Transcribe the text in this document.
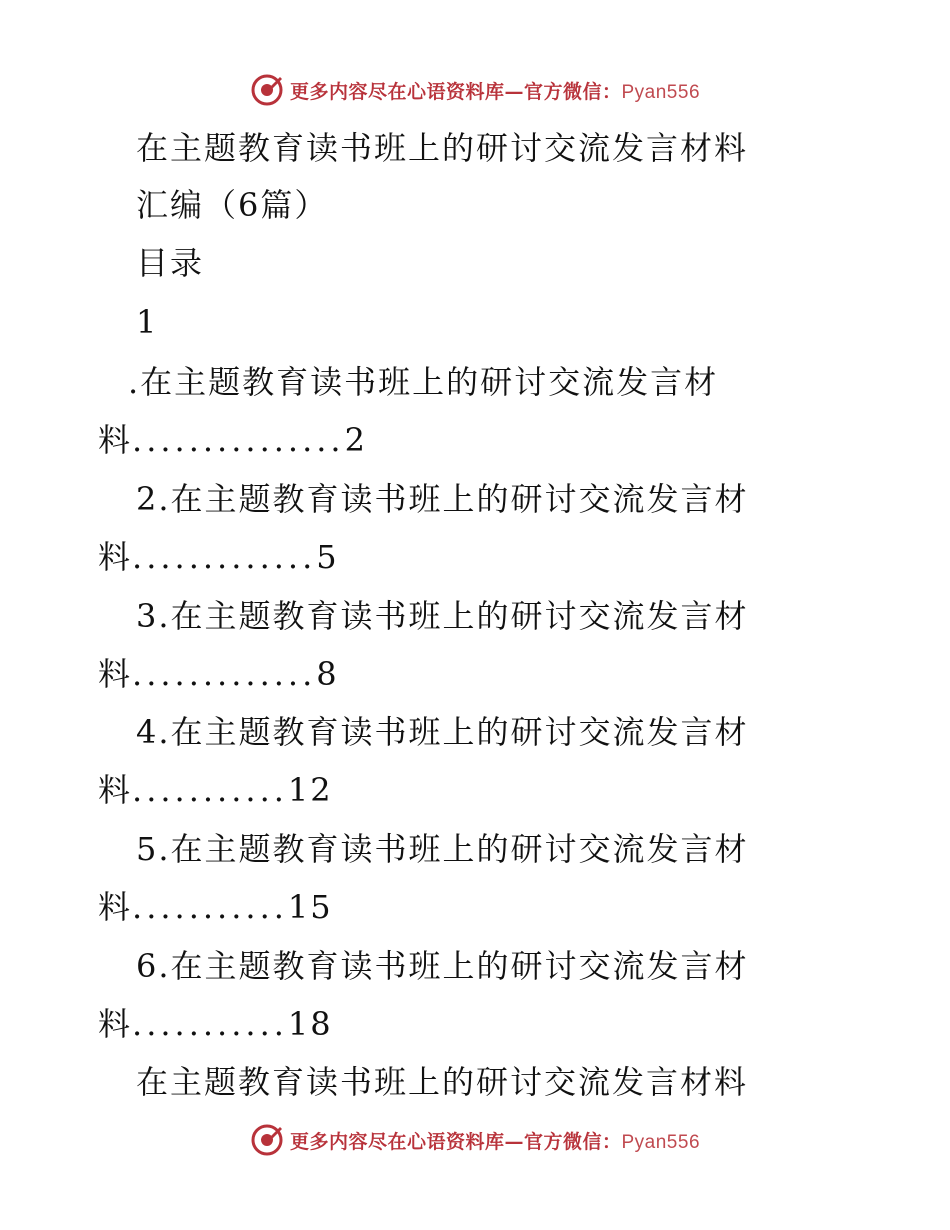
更多内容尽在心语资料库—官方微信：Pyan556
在主题教育读书班上的研讨交流发言材料
汇编（6篇）
目录
1
.在主题教育读书班上的研讨交流发言材
料...............2
2.在主题教育读书班上的研讨交流发言材
料.............5
3.在主题教育读书班上的研讨交流发言材
料.............8
4.在主题教育读书班上的研讨交流发言材
料...........12
5.在主题教育读书班上的研讨交流发言材
料...........15
6.在主题教育读书班上的研讨交流发言材
料...........18
在主题教育读书班上的研讨交流发言材料
更多内容尽在心语资料库—官方微信：Pyan556
